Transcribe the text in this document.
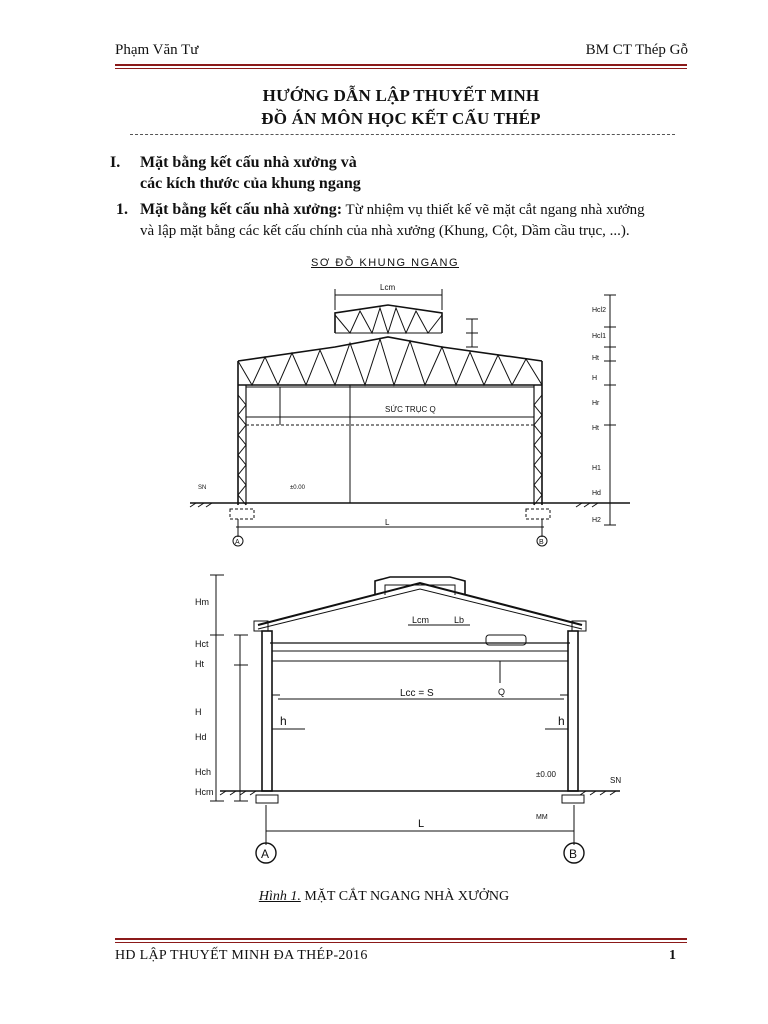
Phạm Văn Tư	BM CT Thép Gỗ
HƯỚNG DẪN LẬP THUYẾT MINH
ĐỒ ÁN MÔN HỌC KẾT CẤU THÉP
I. Mặt bằng kết cấu nhà xưởng và
các kích thước của khung ngang
1. Mặt bằng kết cấu nhà xưởng: Từ nhiệm vụ thiết kế vẽ mặt cắt ngang nhà xưởng
và lập mặt bằng các kết cấu chính của nhà xưởng (Khung, Cột, Dầm cầu trục, ...).
SƠ ĐỒ KHUNG NGANG
Lcm
SỨC TRỤC Q
L
A	B
SN	±0.00
Q
Lcm	Lb
Lcc = S
h	h
±0.00
SN
MM
L
A	B
Hình 1. MẶT CẮT NGANG NHÀ XƯỞNG
HD LẬP THUYẾT MINH ĐA THÉP-2016	1
Hcl2
Hcl1
Ht
H
Hr
Ht
H1
Hd
H2
Hm
Hct
Ht
H
Hd
Hch
Hcm
